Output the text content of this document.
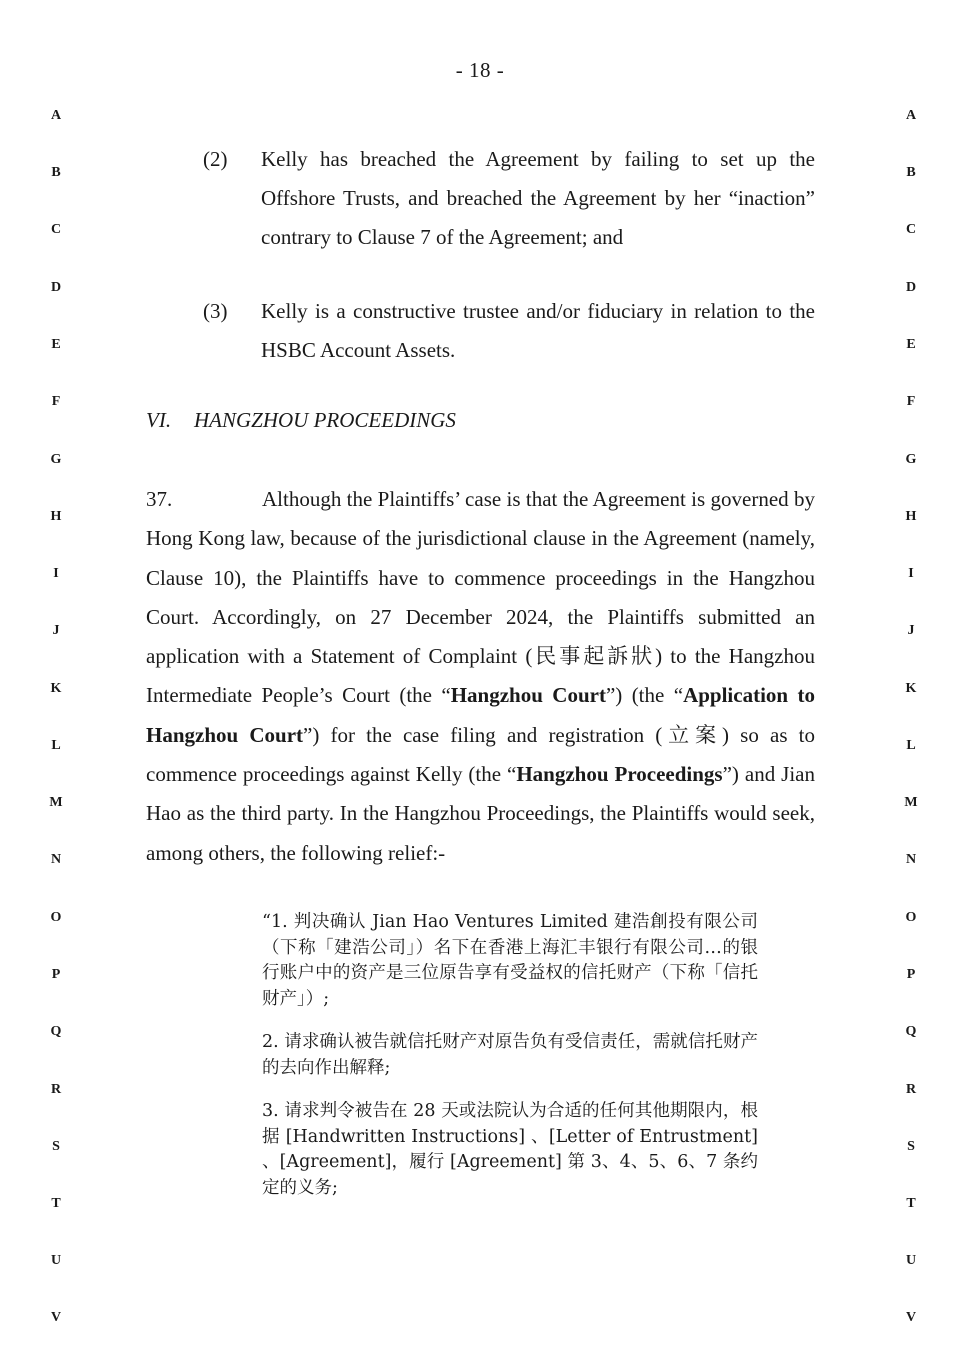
- 18 -
A
B
C
D
E
F
G
H
I
J
K
L
M
N
O
P
Q
R
S
T
U
V
A
B
C
D
E
F
G
H
I
J
K
L
M
N
O
P
Q
R
S
T
U
V
(2) Kelly has breached the Agreement by failing to set up the Offshore Trusts, and breached the Agreement by her “inaction” contrary to Clause 7 of the Agreement; and
(3) Kelly is a constructive trustee and/or fiduciary in relation to the HSBC Account Assets.
VI. HANGZHOU PROCEEDINGS
37.	Although the Plaintiffs’ case is that the Agreement is governed by Hong Kong law, because of the jurisdictional clause in the Agreement (namely, Clause 10), the Plaintiffs have to commence proceedings in the Hangzhou Court. Accordingly, on 27 December 2024, the Plaintiffs submitted an application with a Statement of Complaint (民事起訴狀) to the Hangzhou Intermediate People’s Court (the “Hangzhou Court”) (the “Application to Hangzhou Court”) for the case filing and registration (立案) so as to commence proceedings against Kelly (the “Hangzhou Proceedings”) and Jian Hao as the third party. In the Hangzhou Proceedings, the Plaintiffs would seek, among others, the following relief:-
“1. 判决确认 Jian Hao Ventures Limited 建浩創投有限公司（下称「建浩公司」）名下在香港上海汇丰银行有限公司…的银行账户中的资产是三位原告享有受益权的信托财产（下称「信托财产」）;
2. 请求确认被告就信托财产对原告负有受信责任，需就信托财产的去向作出解释;
3. 请求判令被告在 28 天或法院认为合适的任何其他期限内，根据 [Handwritten Instructions] 、[Letter of Entrustment] 、[Agreement]，履行 [Agreement] 第 3、4、5、6、7 条约定的义务;
